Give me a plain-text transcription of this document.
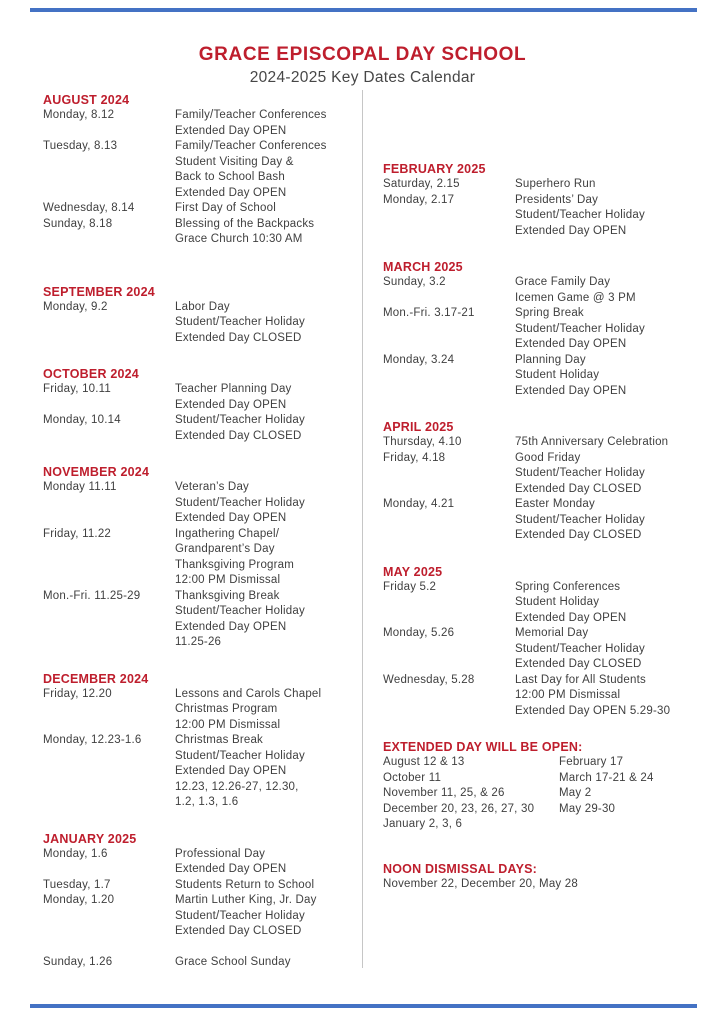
GRACE EPISCOPAL DAY SCHOOL
2024-2025 Key Dates Calendar
AUGUST 2024
Monday, 8.12	Family/Teacher Conferences
Extended Day OPEN
Tuesday, 8.13	Family/Teacher Conferences
Student Visiting Day &
Back to School Bash
Extended Day OPEN
Wednesday, 8.14	First Day of School
Sunday, 8.18	Blessing of the Backpacks
Grace Church 10:30 AM
SEPTEMBER 2024
Monday, 9.2	Labor Day
Student/Teacher Holiday
Extended Day CLOSED
OCTOBER 2024
Friday, 10.11	Teacher Planning Day
Extended Day OPEN
Monday, 10.14	Student/Teacher Holiday
Extended Day CLOSED
NOVEMBER 2024
Monday 11.11	Veteran’s Day
Student/Teacher Holiday
Extended Day OPEN
Friday, 11.22	Ingathering Chapel/
Grandparent’s Day
Thanksgiving Program
12:00 PM Dismissal
Mon.-Fri. 11.25-29	Thanksgiving Break
Student/Teacher Holiday
Extended Day OPEN
11.25-26
DECEMBER 2024
Friday, 12.20	Lessons and Carols Chapel
Christmas Program
12:00 PM Dismissal
Monday, 12.23-1.6	Christmas Break
Student/Teacher Holiday
Extended Day OPEN
12.23, 12.26-27, 12.30,
1.2, 1.3, 1.6
JANUARY 2025
Monday, 1.6	Professional Day
Extended Day OPEN
Tuesday, 1.7	Students Return to School
Monday, 1.20	Martin Luther King, Jr. Day
Student/Teacher Holiday
Extended Day CLOSED
Sunday, 1.26	Grace School Sunday
FEBRUARY 2025
Saturday, 2.15	Superhero Run
Monday, 2.17	Presidents’ Day
Student/Teacher Holiday
Extended Day OPEN
MARCH 2025
Sunday, 3.2	Grace Family Day
Icemen Game @ 3 PM
Mon.-Fri. 3.17-21	Spring Break
Student/Teacher Holiday
Extended Day OPEN
Monday, 3.24	Planning Day
Student Holiday
Extended Day OPEN
APRIL 2025
Thursday, 4.10	75th Anniversary Celebration
Friday, 4.18	Good Friday
Student/Teacher Holiday
Extended Day CLOSED
Monday, 4.21	Easter Monday
Student/Teacher Holiday
Extended Day CLOSED
MAY 2025
Friday 5.2	Spring Conferences
Student Holiday
Extended Day OPEN
Monday, 5.26	Memorial Day
Student/Teacher Holiday
Extended Day CLOSED
Wednesday, 5.28	Last Day for All Students
12:00 PM Dismissal
Extended Day OPEN 5.29-30
EXTENDED DAY WILL BE OPEN:
August 12 & 13
October 11
November 11, 25, & 26
December 20, 23, 26, 27, 30
January 2, 3, 6
February 17
March 17-21 & 24
May 2
May 29-30
NOON DISMISSAL DAYS:
November 22, December 20, May 28
